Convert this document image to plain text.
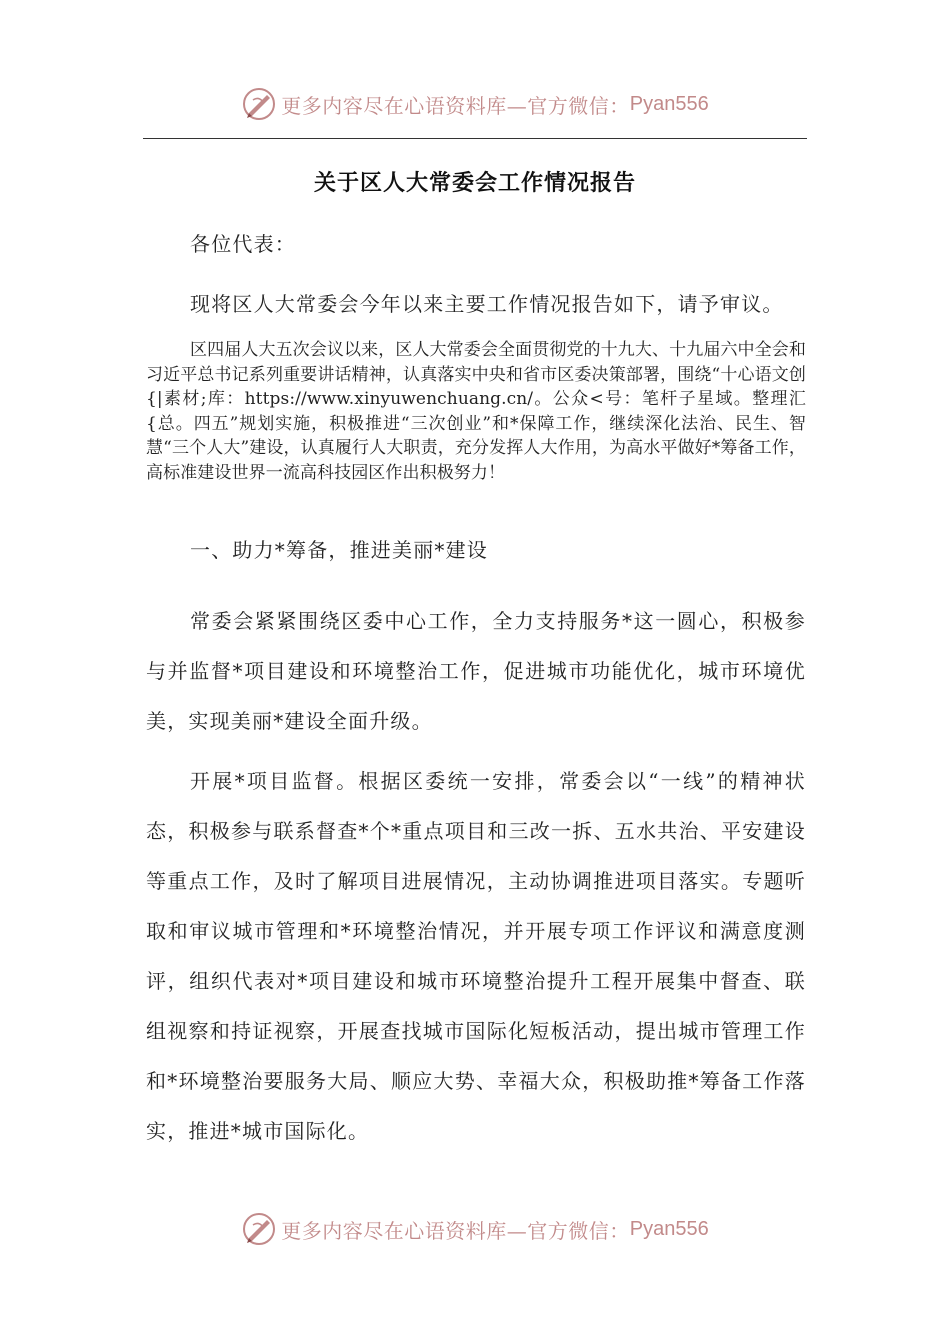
更多内容尽在心语资料库—官方微信： Pyan556
关于区人大常委会工作情况报告
各位代表：
现将区人大常委会今年以来主要工作情况报告如下，请予审议。
区四届人大五次会议以来，区人大常委会全面贯彻党的十九大、十九届六中全会和习近平总书记系列重要讲话精神，认真落实中央和省市区委决策部署，围绕“十心语文创{|素材;库：https://www.xinyuwenchuang.cn/。公众<号：笔杆子星域。整理汇{总。四五”规划实施，积极推进“三次创业”和*保障工作，继续深化法治、民生、智慧“三个人大”建设，认真履行人大职责，充分发挥人大作用，为高水平做好*筹备工作，高标准建设世界一流高科技园区作出积极努力！
一、助力*筹备，推进美丽*建设
常委会紧紧围绕区委中心工作，全力支持服务*这一圆心，积极参与并监督*项目建设和环境整治工作，促进城市功能优化，城市环境优美，实现美丽*建设全面升级。
开展*项目监督。根据区委统一安排，常委会以“一线”的精神状态，积极参与联系督查*个*重点项目和三改一拆、五水共治、平安建设等重点工作，及时了解项目进展情况，主动协调推进项目落实。专题听取和审议城市管理和*环境整治情况，并开展专项工作评议和满意度测评，组织代表对*项目建设和城市环境整治提升工程开展集中督查、联组视察和持证视察，开展查找城市国际化短板活动，提出城市管理工作和*环境整治要服务大局、顺应大势、幸福大众，积极助推*筹备工作落实，推进*城市国际化。
更多内容尽在心语资料库—官方微信： Pyan556
